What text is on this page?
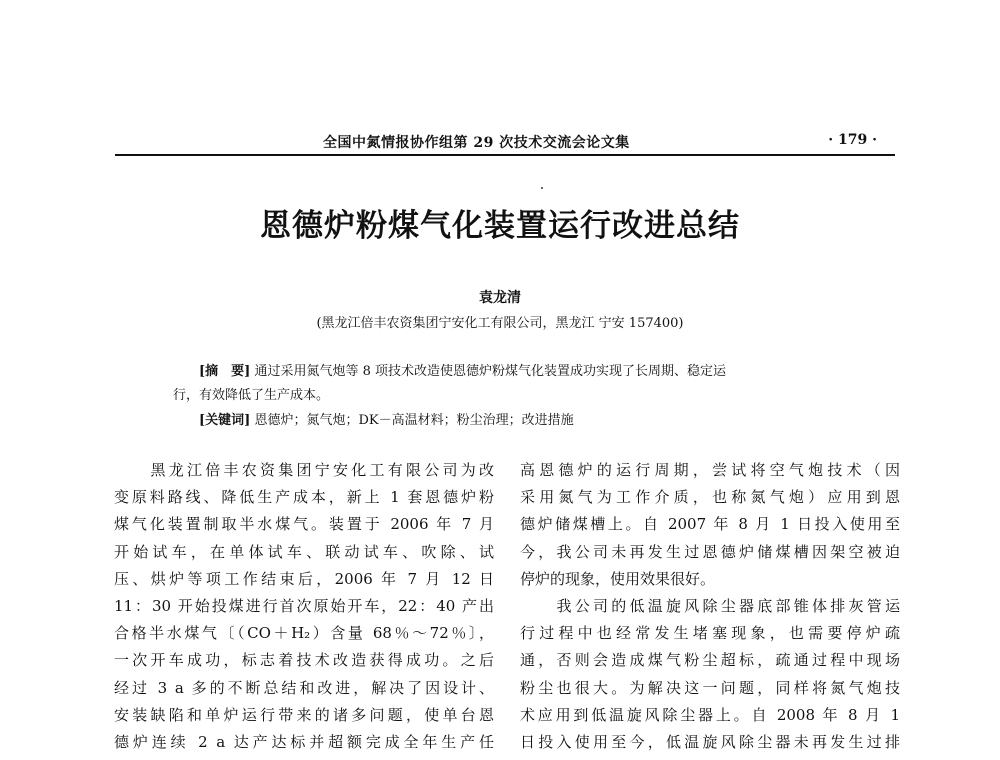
全国中氮情报协作组第 29 次技术交流会论文集	· 179 ·
恩德炉粉煤气化装置运行改进总结
袁龙清
(黑龙江倍丰农资集团宁安化工有限公司，黑龙江 宁安 157400)
[摘　要] 通过采用氮气炮等 8 项技术改造使恩德炉粉煤气化装置成功实现了长周期、稳定运
行，有效降低了生产成本。
[关键词] 恩德炉；氮气炮；DK－高温材料；粉尘治理；改进措施

　　黑龙江倍丰农资集团宁安化工有限公司为改

变原料路线、降低生产成本，新上 1 套恩德炉粉

煤气化装置制取半水煤气。装置于 2006 年 7 月

开始试车，在单体试车、联动试车、吹除、试

压、烘炉等项工作结束后，2006 年 7 月 12 日

11：30 开始投煤进行首次原始开车，22：40 产出

合格半水煤气〔（CO＋H₂）含量 68％～72％〕，

一次开车成功，标志着技术改造获得成功。之后

经过 3 a 多的不断总结和改进，解决了因设计、

安装缺陷和单炉运行带来的诸多问题，使单台恩

德炉连续 2 a 达产达标并超额完成全年生产任

高恩德炉的运行周期，尝试将空气炮技术（因

采用氮气为工作介质，也称氮气炮）应用到恩

德炉储煤槽上。自 2007 年 8 月 1 日投入使用至

今，我公司未再发生过恩德炉储煤槽因架空被迫

停炉的现象，使用效果很好。

　　我公司的低温旋风除尘器底部锥体排灰管运

行过程中也经常发生堵塞现象，也需要停炉疏

通，否则会造成煤气粉尘超标，疏通过程中现场

粉尘也很大。为解决这一问题，同样将氮气炮技

术应用到低温旋风除尘器上。自 2008 年 8 月 1

日投入使用至今，低温旋风除尘器未再发生过排
